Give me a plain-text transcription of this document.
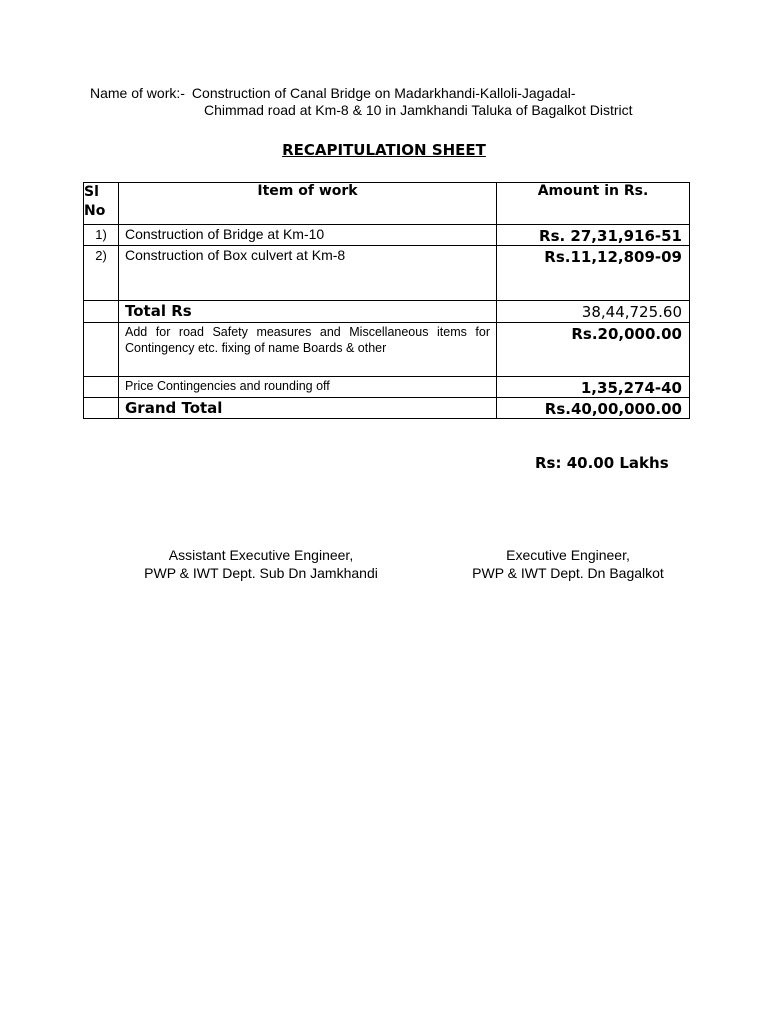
Name of work:- Construction of Canal Bridge on Madarkhandi-Kalloli-Jagadal-
Chimmad road at Km-8 & 10 in Jamkhandi Taluka of Bagalkot District
RECAPITULATION SHEET
Sl No	Item of work	Amount in Rs.
1)	Construction of Bridge at Km-10	Rs. 27,31,916-51
2)	Construction of Box culvert at Km-8	Rs.11,12,809-09
	Total Rs	38,44,725.60
	Add for road Safety measures and Miscellaneous items for Contingency etc. fixing of name Boards & other	Rs.20,000.00
	Price Contingencies and rounding off	1,35,274-40
	Grand Total	Rs.40,00,000.00
Rs: 40.00 Lakhs
Assistant Executive Engineer,
PWP & IWT Dept. Sub Dn Jamkhandi
Executive Engineer,
PWP & IWT Dept. Dn Bagalkot
